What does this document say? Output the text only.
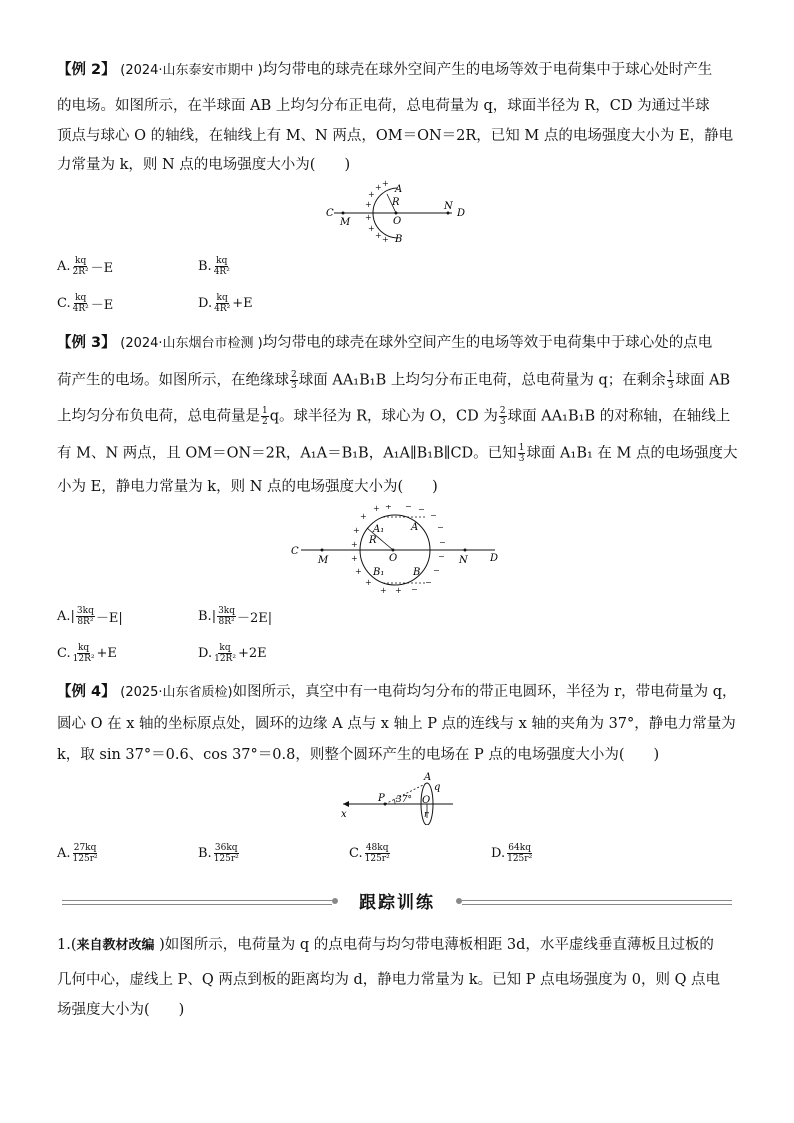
【例 2】 (2024·山东泰安市期中 )均匀带电的球壳在球外空间产生的电场等效于电荷集中于球心处时产生
的电场。如图所示，在半球面 AB 上均匀分布正电荷，总电荷量为 q，球面半径为 R，CD 为通过半球
顶点与球心 O 的轴线，在轴线上有 M、N 两点，OM＝ON＝2R，已知 M 点的电场强度大小为 E，静电
力常量为 k，则 N 点的电场强度大小为(　　)
+ +
+
+
+
+
+ +
C
M	O
R
A
B
N
D
A. $\frac{kq}{\text{2R²}} -E$	B. $\frac{kq}{\text{4R²}}$
C. $\frac{kq}{\text{4R²}} -E$	D. $\frac{kq}{\text{4R²}} +E$
【例 3】 (2024·山东烟台市检测 )均匀带电的球壳在球外空间产生的电场等效于电荷集中于球心处的点电
荷产生的电场。如图所示，在绝缘球 $\frac{2}{3}$ 球面 AA₁B₁B 上均匀分布正电荷，总电荷量为 q；在剩余 $\frac{1}{3}$ 球面 AB
上均匀分布负电荷，总电荷量是 $\frac{1}{2}$ q。球半径为 R，球心为 O，CD 为 $\frac{2}{3}$ 球面 AA₁B₁B 的对称轴，在轴线上
有 M、N 两点，且 OM＝ON＝2R，A₁A＝B₁B，A₁A∥B₁B∥CD。已知 $\frac{1}{3}$ 球面 A₁B₁ 在 M 点的电场强度大
小为 E，静电力常量为 k，则 N 点的电场强度大小为(　　)
+ +
+
+
+
+
+
+
+ +
− −
−
−
−
−
−
−
−
C
M	O
R
A₁	A
B₁	B
N D
A. | $\frac{3kq}{\text{8R²}} -E|$	B. | $\frac{3kq}{\text{8R²}} -2E|$
C. $\frac{kq}{\text{12R²}} +E$	D. $\frac{kq}{\text{12R²}} +2E$
【例 4】 (2025·山东省质检)如图所示，真空中有一电荷均匀分布的带正电圆环，半径为 r，带电荷量为 q，
圆心 O 在 x 轴的坐标原点处，圆环的边缘 A 点与 x 轴上 P 点的连线与 x 轴的夹角为 37°，静电力常量为
k，取 sin 37°＝0.6、cos 37°＝0.8，则整个圆环产生的电场在 P 点的电场强度大小为(　　)
A
q
P 37° O
r
x
A. $\frac{27kq}{\text{125r²}}$	B. $\frac{36kq}{\text{125r²}}$	C. $\frac{48kq}{\text{125r²}}$	D. $\frac{64kq}{\text{125r²}}$
跟踪训练
1.(来自教材改编 )如图所示，电荷量为 q 的点电荷与均匀带电薄板相距 3d，水平虚线垂直薄板且过板的
几何中心，虚线上 P、Q 两点到板的距离均为 d，静电力常量为 k。已知 P 点电场强度为 0，则 Q 点电
场强度大小为(　　)
